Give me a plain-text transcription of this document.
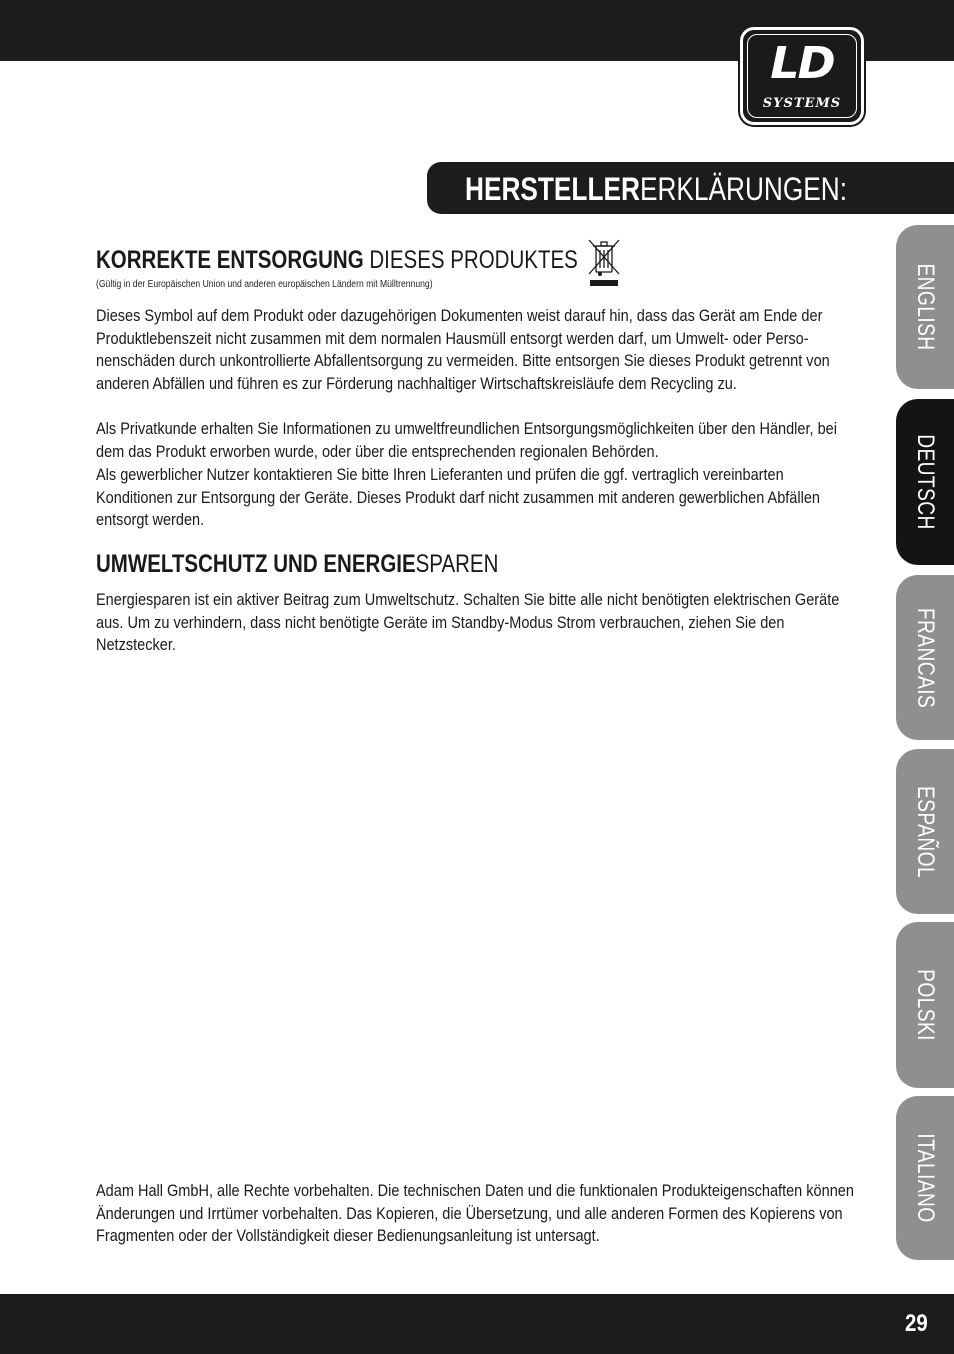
LD
SYSTEMS
HERSTELLERERKLÄRUNGEN:
ENGLISH
DEUTSCH
FRANCAIS
ESPAÑOL
POLSKI
ITALIANO
KORREKTE ENTSORGUNG DIESES PRODUKTES
(Gültig in der Europäischen Union und anderen europäischen Ländern mit Mülltrennung)
Dieses Symbol auf dem Produkt oder dazugehörigen Dokumenten weist darauf hin, dass das Gerät am Ende der Produktlebenszeit nicht zusammen mit dem normalen Hausmüll entsorgt werden darf, um Umwelt- oder Perso-nenschäden durch unkontrollierte Abfallentsorgung zu vermeiden. Bitte entsorgen Sie dieses Produkt getrennt von anderen Abfällen und führen es zur Förderung nachhaltiger Wirtschaftskreisläufe dem Recycling zu.
Als Privatkunde erhalten Sie Informationen zu umweltfreundlichen Entsorgungsmöglichkeiten über den Händler, bei dem das Produkt erworben wurde, oder über die entsprechenden regionalen Behörden.
Als gewerblicher Nutzer kontaktieren Sie bitte Ihren Lieferanten und prüfen die ggf. vertraglich vereinbarten Konditionen zur Entsorgung der Geräte. Dieses Produkt darf nicht zusammen mit anderen gewerblichen Abfällen entsorgt werden.
UMWELTSCHUTZ UND ENERGIESPAREN
Energiesparen ist ein aktiver Beitrag zum Umweltschutz. Schalten Sie bitte alle nicht benötigten elektrischen Geräte aus. Um zu verhindern, dass nicht benötigte Geräte im Standby-Modus Strom verbrauchen, ziehen Sie den Netzstecker.
Adam Hall GmbH, alle Rechte vorbehalten. Die technischen Daten und die funktionalen Produkteigenschaften können Änderungen und Irrtümer vorbehalten. Das Kopieren, die Übersetzung, und alle anderen Formen des Kopierens von Fragmenten oder der Vollständigkeit dieser Bedienungsanleitung ist untersagt.
29
